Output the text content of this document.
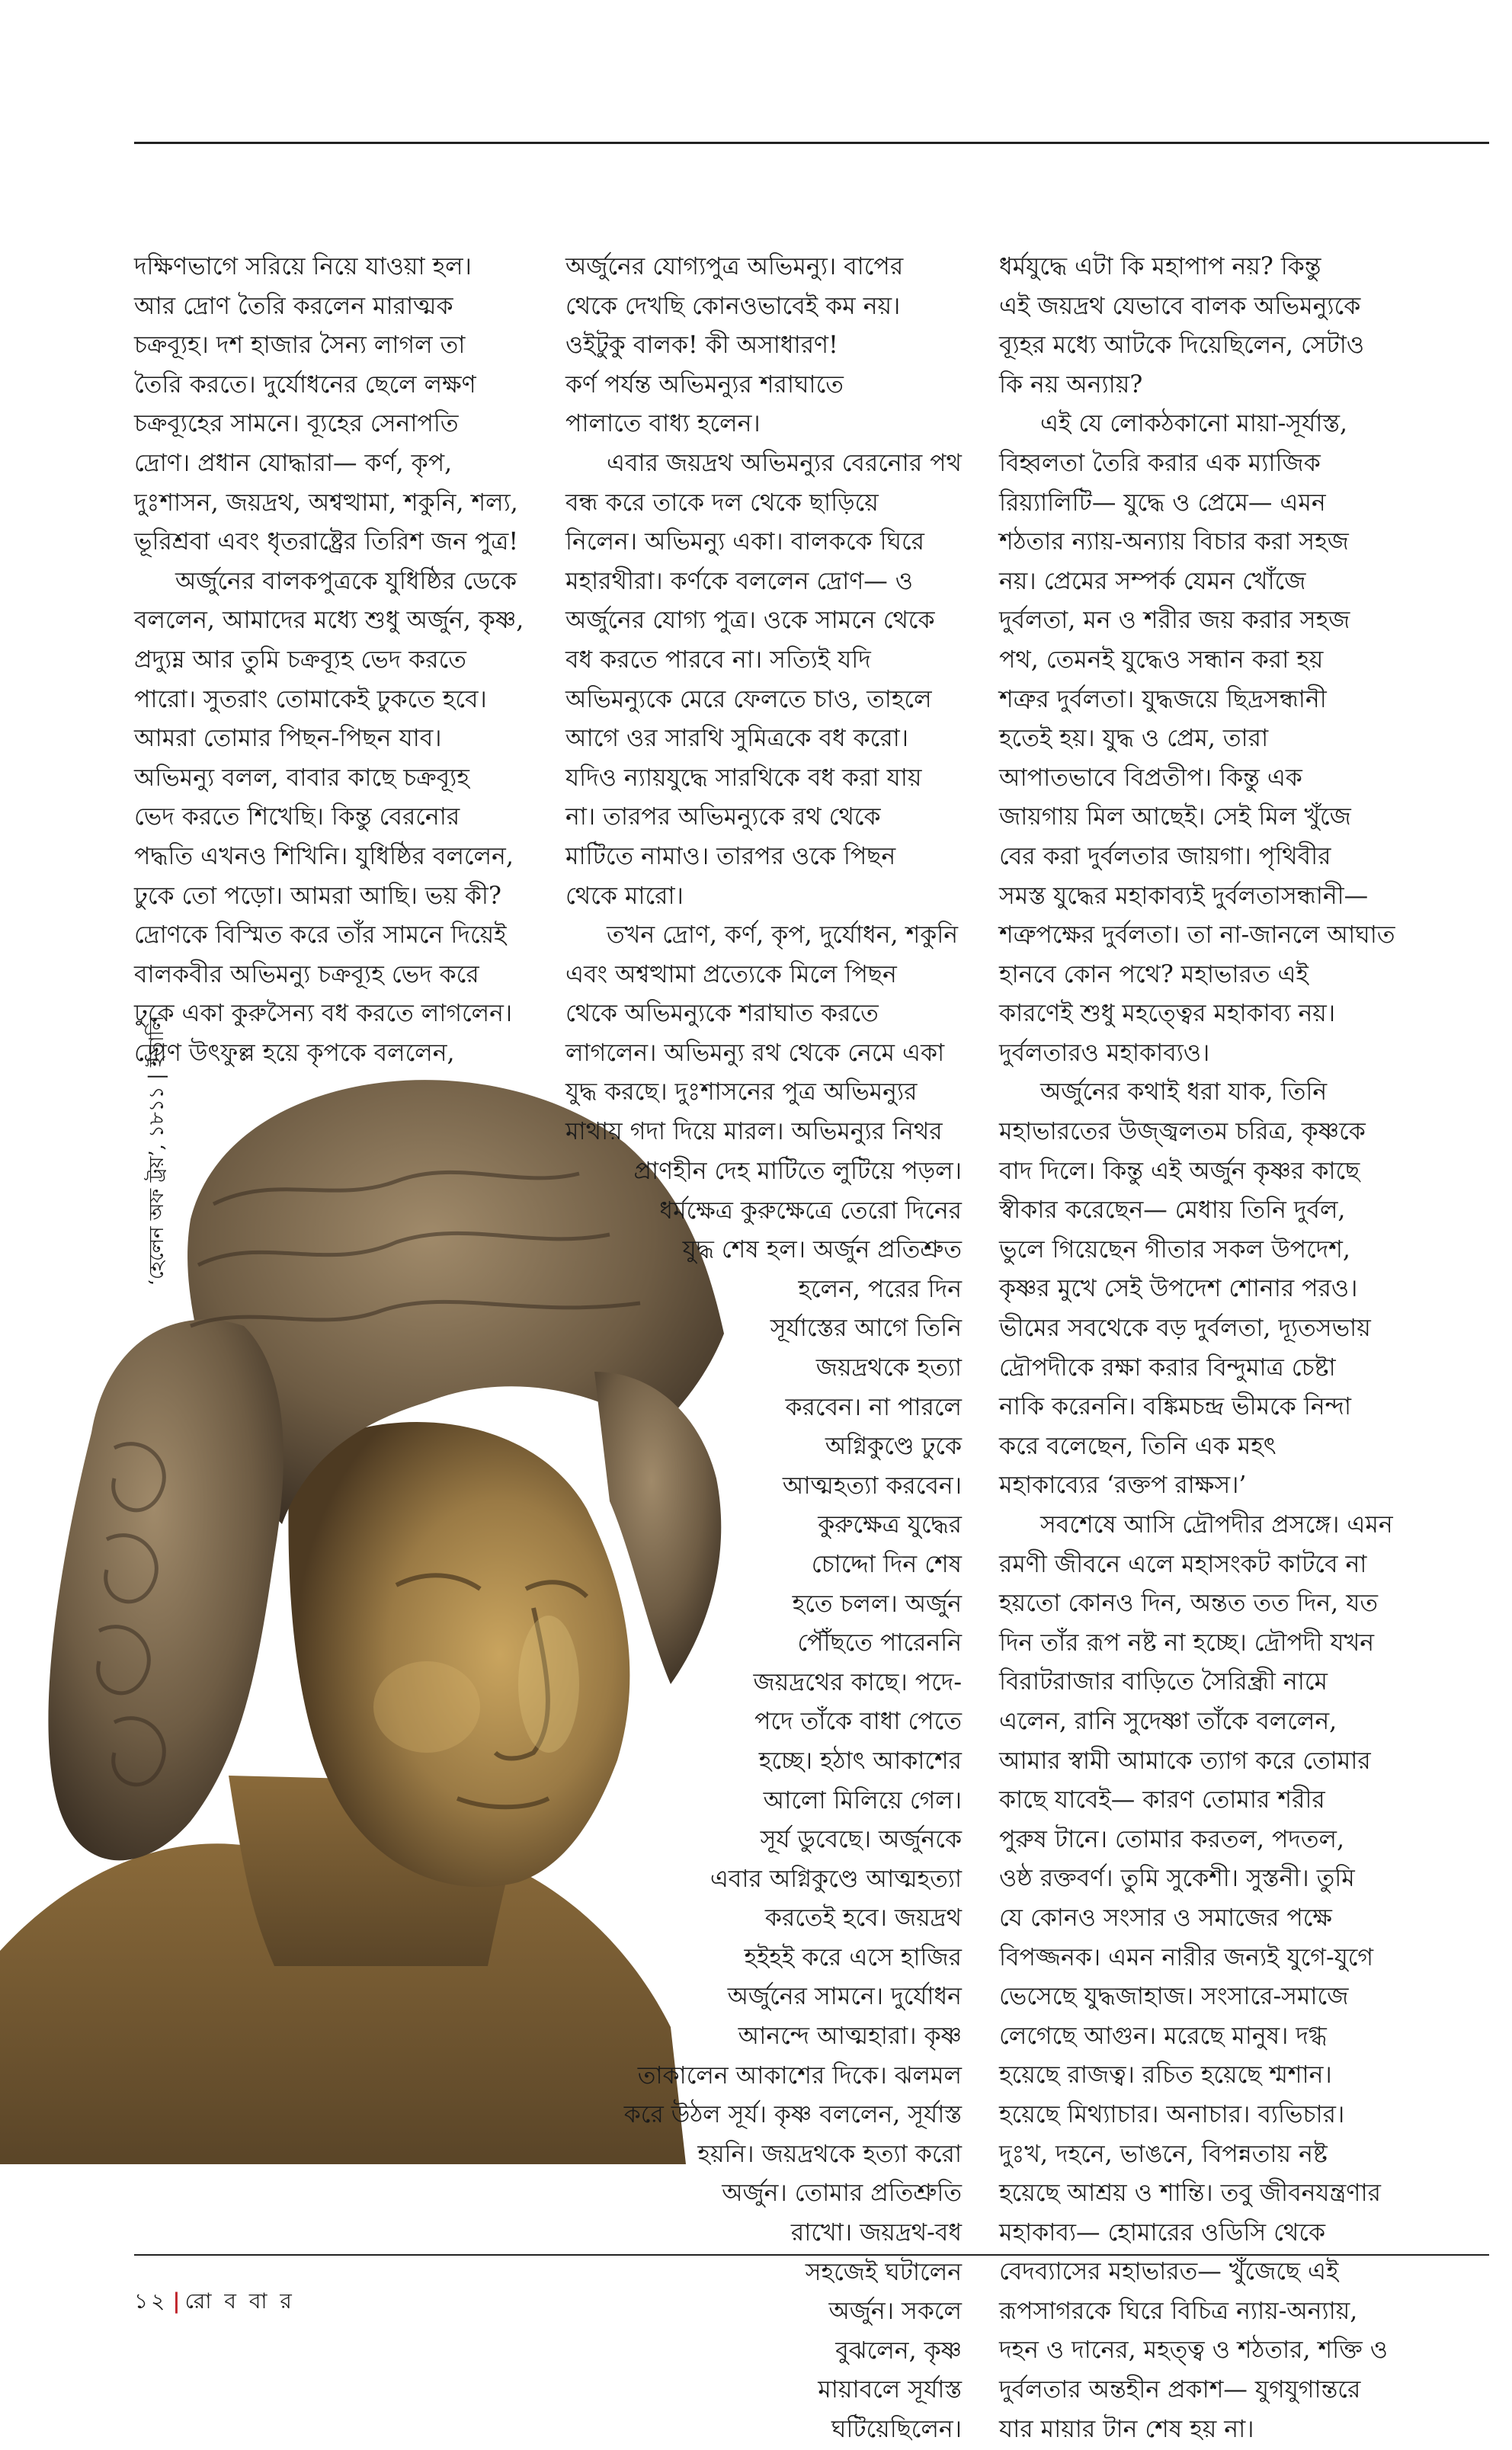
‘হেলেন অফ ট্রয়’, ১৮১১ | ইতালি
দক্ষিণভাগে সরিয়ে নিয়ে যাওয়া হল।
আর দ্রোণ তৈরি করলেন মারাত্মক
চক্রব্যূহ। দশ হাজার সৈন্য লাগল তা
তৈরি করতে। দুর্যোধনের ছেলে লক্ষণ
চক্রব্যূহের সামনে। ব্যূহের সেনাপতি
দ্রোণ। প্রধান যোদ্ধারা— কর্ণ, কৃপ,
দুঃশাসন, জয়দ্রথ, অশ্বত্থামা, শকুনি, শল্য,
ভূরিশ্রবা এবং ধৃতরাষ্ট্রের তিরিশ জন পুত্র!
অর্জুনের বালকপুত্রকে যুধিষ্ঠির ডেকে
বললেন, আমাদের মধ্যে শুধু অর্জুন, কৃষ্ণ,
প্রদ্যুম্ন আর তুমি চক্রব্যূহ ভেদ করতে
পারো। সুতরাং তোমাকেই ঢুকতে হবে।
আমরা তোমার পিছন-পিছন যাব।
অভিমন্যু বলল, বাবার কাছে চক্রব্যূহ
ভেদ করতে শিখেছি। কিন্তু বেরনোর
পদ্ধতি এখনও শিখিনি। যুধিষ্ঠির বললেন,
ঢুকে তো পড়ো। আমরা আছি। ভয় কী?
দ্রোণকে বিস্মিত করে তাঁর সামনে দিয়েই
বালকবীর অভিমন্যু চক্রব্যূহ ভেদ করে
ঢুকে একা কুরুসৈন্য বধ করতে লাগলেন।
দ্রোণ উৎফুল্ল হয়ে কৃপকে বললেন,
অর্জুনের যোগ্যপুত্র অভিমন্যু। বাপের
থেকে দেখছি কোনওভাবেই কম নয়।
ওইটুকু বালক! কী অসাধারণ!
কর্ণ পর্যন্ত অভিমন্যুর শরাঘাতে
পালাতে বাধ্য হলেন।
এবার জয়দ্রথ অভিমন্যুর বেরনোর পথ
বন্ধ করে তাকে দল থেকে ছাড়িয়ে
নিলেন। অভিমন্যু একা। বালককে ঘিরে
মহারথীরা। কর্ণকে বললেন দ্রোণ— ও
অর্জুনের যোগ্য পুত্র। ওকে সামনে থেকে
বধ করতে পারবে না। সত্যিই যদি
অভিমন্যুকে মেরে ফেলতে চাও, তাহলে
আগে ওর সারথি সুমিত্রকে বধ করো।
যদিও ন্যায়যুদ্ধে সারথিকে বধ করা যায়
না। তারপর অভিমন্যুকে রথ থেকে
মাটিতে নামাও। তারপর ওকে পিছন
থেকে মারো।
তখন দ্রোণ, কর্ণ, কৃপ, দুর্যোধন, শকুনি
এবং অশ্বত্থামা প্রত্যেকে মিলে পিছন
থেকে অভিমন্যুকে শরাঘাত করতে
লাগলেন। অভিমন্যু রথ থেকে নেমে একা
যুদ্ধ করছে। দুঃশাসনের পুত্র অভিমন্যুর
মাথায় গদা দিয়ে মারল। অভিমন্যুর নিথর
প্রাণহীন দেহ মাটিতে লুটিয়ে পড়ল।
ধর্মক্ষেত্র কুরুক্ষেত্রে তেরো দিনের
যুদ্ধ শেষ হল। অর্জুন প্রতিশ্রুত
হলেন, পরের দিন
সূর্যাস্তের আগে তিনি
জয়দ্রথকে হত্যা
করবেন। না পারলে
অগ্নিকুণ্ডে ঢুকে
আত্মহত্যা করবেন।
কুরুক্ষেত্র যুদ্ধের
চোদ্দো দিন শেষ
হতে চলল। অর্জুন
পৌঁছতে পারেননি
জয়দ্রথের কাছে। পদে-
পদে তাঁকে বাধা পেতে
হচ্ছে। হঠাৎ আকাশের
আলো মিলিয়ে গেল।
সূর্য ডুবেছে। অর্জুনকে
এবার অগ্নিকুণ্ডে আত্মহত্যা
করতেই হবে। জয়দ্রথ
হইহই করে এসে হাজির
অর্জুনের সামনে। দুর্যোধন
আনন্দে আত্মহারা। কৃষ্ণ
তাকালেন আকাশের দিকে। ঝলমল
করে উঠল সূর্য। কৃষ্ণ বললেন, সূর্যাস্ত
হয়নি। জয়দ্রথকে হত্যা করো
অর্জুন। তোমার প্রতিশ্রুতি
রাখো। জয়দ্রথ-বধ
সহজেই ঘটালেন
অর্জুন। সকলে
বুঝলেন, কৃষ্ণ
মায়াবলে সূর্যাস্ত
ঘটিয়েছিলেন।
ধর্মযুদ্ধে এটা কি মহাপাপ নয়? কিন্তু
এই জয়দ্রথ যেভাবে বালক অভিমন্যুকে
ব্যূহর মধ্যে আটকে দিয়েছিলেন, সেটাও
কি নয় অন্যায়?
এই যে লোকঠকানো মায়া-সূর্যাস্ত,
বিহ্বলতা তৈরি করার এক ম্যাজিক
রিয়্যালিটি— যুদ্ধে ও প্রেমে— এমন
শঠতার ন্যায়-অন্যায় বিচার করা সহজ
নয়। প্রেমের সম্পর্ক যেমন খোঁজে
দুর্বলতা, মন ও শরীর জয় করার সহজ
পথ, তেমনই যুদ্ধেও সন্ধান করা হয়
শত্রুর দুর্বলতা। যুদ্ধজয়ে ছিদ্রসন্ধানী
হতেই হয়। যুদ্ধ ও প্রেম, তারা
আপাতভাবে বিপ্রতীপ। কিন্তু এক
জায়গায় মিল আছেই। সেই মিল খুঁজে
বের করা দুর্বলতার জায়গা। পৃথিবীর
সমস্ত যুদ্ধের মহাকাব্যই দুর্বলতাসন্ধানী—
শত্রুপক্ষের দুর্বলতা। তা না-জানলে আঘাত
হানবে কোন পথে? মহাভারত এই
কারণেই শুধু মহত্ত্বের মহাকাব্য নয়।
দুর্বলতারও মহাকাব্যও।
অর্জুনের কথাই ধরা যাক, তিনি
মহাভারতের উজ্জ্বলতম চরিত্র, কৃষ্ণকে
বাদ দিলে। কিন্তু এই অর্জুন কৃষ্ণর কাছে
স্বীকার করেছেন— মেধায় তিনি দুর্বল,
ভুলে গিয়েছেন গীতার সকল উপদেশ,
কৃষ্ণর মুখে সেই উপদেশ শোনার পরও।
ভীমের সবথেকে বড় দুর্বলতা, দ্যূতসভায়
দ্রৌপদীকে রক্ষা করার বিন্দুমাত্র চেষ্টা
নাকি করেননি। বঙ্কিমচন্দ্র ভীমকে নিন্দা
করে বলেছেন, তিনি এক মহৎ
মহাকাব্যের ‘রক্তপ রাক্ষস।’
সবশেষে আসি দ্রৌপদীর প্রসঙ্গে। এমন
রমণী জীবনে এলে মহাসংকট কাটবে না
হয়তো কোনও দিন, অন্তত তত দিন, যত
দিন তাঁর রূপ নষ্ট না হচ্ছে। দ্রৌপদী যখন
বিরাটরাজার বাড়িতে সৈরিন্ধ্রী নামে
এলেন, রানি সুদেষ্ণা তাঁকে বললেন,
আমার স্বামী আমাকে ত্যাগ করে তোমার
কাছে যাবেই— কারণ তোমার শরীর
পুরুষ টানে। তোমার করতল, পদতল,
ওষ্ঠ রক্তবর্ণ। তুমি সুকেশী। সুস্তনী। তুমি
যে কোনও সংসার ও সমাজের পক্ষে
বিপজ্জনক। এমন নারীর জন্যই যুগে-যুগে
ভেসেছে যুদ্ধজাহাজ। সংসারে-সমাজে
লেগেছে আগুন। মরেছে মানুষ। দগ্ধ
হয়েছে রাজত্ব। রচিত হয়েছে শ্মশান।
হয়েছে মিথ্যাচার। অনাচার। ব্যভিচার।
দুঃখ, দহনে, ভাঙনে, বিপন্নতায় নষ্ট
হয়েছে আশ্রয় ও শান্তি। তবু জীবনযন্ত্রণার
মহাকাব্য— হোমারের ওডিসি থেকে
বেদব্যাসের মহাভারত— খুঁজেছে এই
রূপসাগরকে ঘিরে বিচিত্র ন্যায়-অন্যায়,
দহন ও দানের, মহত্ত্ব ও শঠতার, শক্তি ও
দুর্বলতার অন্তহীন প্রকাশ— যুগযুগান্তরে
যার মায়ার টান শেষ হয় না।
১২ | রো ব বা র
